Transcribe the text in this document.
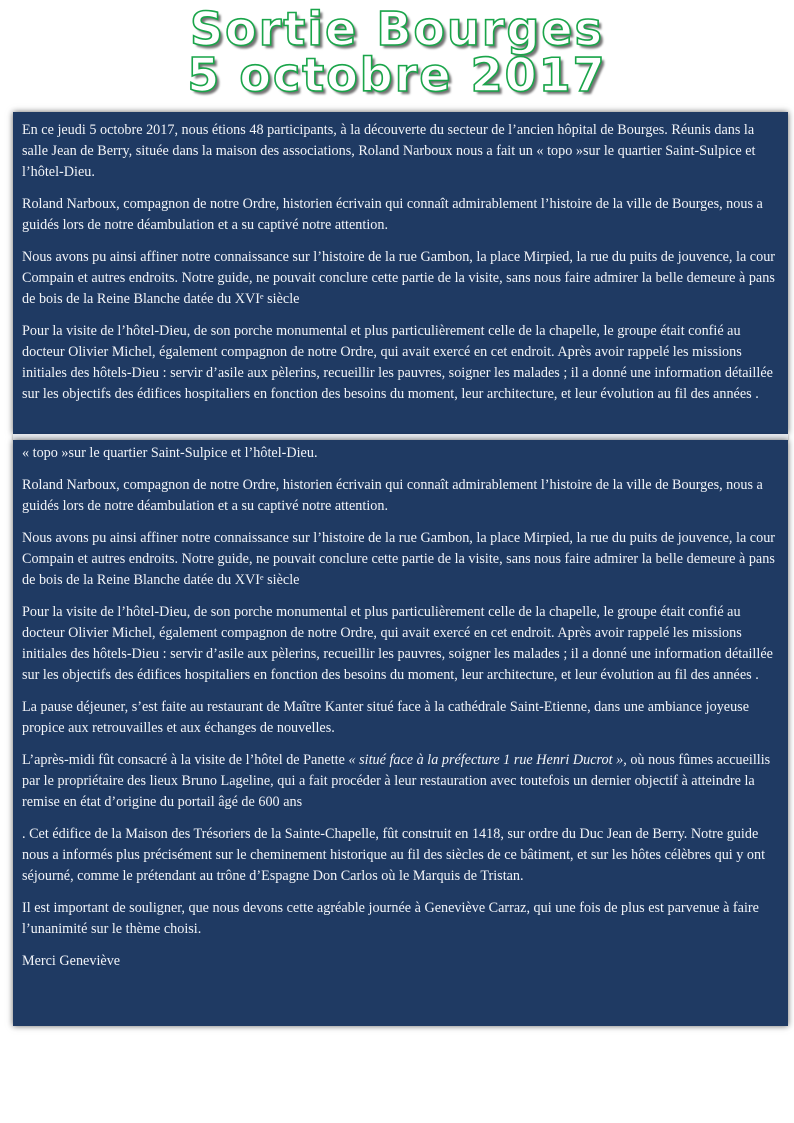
Sortie Bourges
5 octobre 2017

En ce jeudi 5 octobre 2017, nous étions 48 participants, à la découverte du secteur de l’ancien hôpital de Bourges. Réunis dans la salle Jean de Berry, située dans la maison des associations, Roland Narboux nous a fait un « topo »sur le quartier Saint-Sulpice et l’hôtel-Dieu.

Roland Narboux, compagnon de notre Ordre, historien écrivain qui connaît admirablement l’histoire de la ville de Bourges, nous a guidés lors de notre déambulation et a su captivé notre attention.

Nous avons pu ainsi affiner notre connaissance sur l’histoire de la rue Gambon, la place Mirpied, la rue du puits de jouvence, la cour Compain et autres endroits. Notre guide, ne pouvait conclure cette partie de la visite, sans nous faire admirer la belle demeure à pans de bois de la Reine Blanche datée du XVIᵉ siècle

Pour la visite de l’hôtel-Dieu, de son porche monumental et plus particulièrement celle de la chapelle, le groupe était confié au docteur Olivier Michel, également compagnon de notre Ordre, qui avait exercé en cet endroit. Après avoir rappelé les missions initiales des hôtels-Dieu : servir d’asile aux pèlerins, recueillir les pauvres, soigner les malades ; il a donné une information détaillée sur les objectifs des édifices hospitaliers en fonction des besoins du moment, leur architecture, et leur évolution au fil des années .

« topo »sur le quartier Saint-Sulpice et l’hôtel-Dieu.

Roland Narboux, compagnon de notre Ordre, historien écrivain qui connaît admirablement l’histoire de la ville de Bourges, nous a guidés lors de notre déambulation et a su captivé notre attention.

Nous avons pu ainsi affiner notre connaissance sur l’histoire de la rue Gambon, la place Mirpied, la rue du puits de jouvence, la cour Compain et autres endroits. Notre guide, ne pouvait conclure cette partie de la visite, sans nous faire admirer la belle demeure à pans de bois de la Reine Blanche datée du XVIᵉ siècle

Pour la visite de l’hôtel-Dieu, de son porche monumental et plus particulièrement celle de la chapelle, le groupe était confié au docteur Olivier Michel, également compagnon de notre Ordre, qui avait exercé en cet endroit. Après avoir rappelé les missions initiales des hôtels-Dieu : servir d’asile aux pèlerins, recueillir les pauvres, soigner les malades ; il a donné une information détaillée sur les objectifs des édifices hospitaliers en fonction des besoins du moment, leur architecture, et leur évolution au fil des années .

La pause déjeuner, s’est faite au restaurant de Maître Kanter situé face à la cathédrale Saint-Etienne, dans une ambiance joyeuse propice aux retrouvailles et aux échanges de nouvelles.

L’après-midi fût consacré à la visite de l’hôtel de Panette « situé face à la préfecture 1 rue Henri Ducrot », où nous fûmes accueillis par le propriétaire des lieux Bruno Lageline, qui a fait procéder à leur restauration avec toutefois un dernier objectif à atteindre la remise en état d’origine du portail âgé de 600 ans

. Cet édifice de la Maison des Trésoriers de la Sainte-Chapelle, fût construit en 1418, sur ordre du Duc Jean de Berry. Notre guide nous a informés plus précisément sur le cheminement historique au fil des siècles de ce bâtiment, et sur les hôtes célèbres qui y ont séjourné, comme le prétendant au trône d’Espagne Don Carlos où le Marquis de Tristan.

Il est important de souligner, que nous devons cette agréable journée à Geneviève Carraz, qui une fois de plus est parvenue à faire l’unanimité sur le thème choisi.

Merci Geneviève
